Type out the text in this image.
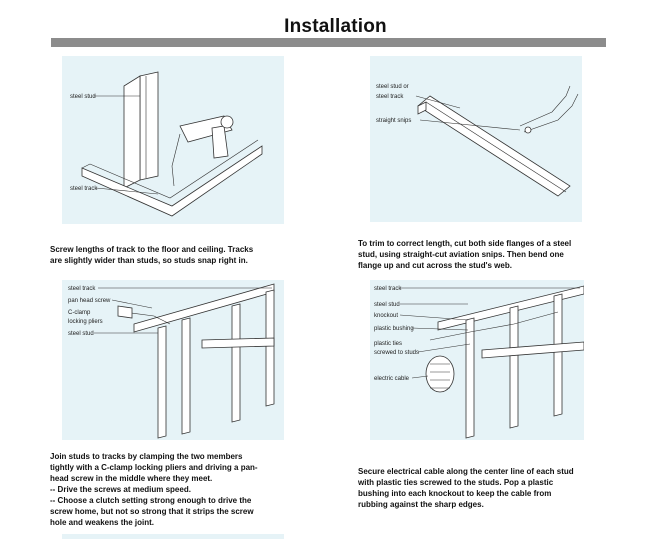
Installation
steel stud
steel track
steel stud or
steel track
straight snips
steel track
pan head screw
C-clamp
locking pliers
steel stud
steel track
steel stud
knockout
plastic bushing
plastic ties
screwed to studs
electric cable
Screw lengths of track to the floor and ceiling. Tracks
are slightly wider than studs, so studs snap right in.
To trim to correct length, cut both side flanges of a steel
stud, using straight-cut aviation snips. Then bend one
flange up and cut across the stud's web.
Join studs to tracks by clamping the two members
tightly with a C-clamp locking pliers and driving a pan-
head screw in the middle where they meet.
-- Drive the screws at medium speed.
-- Choose a clutch setting strong enough to drive the
screw home, but not so strong that it strips the screw
hole and weakens the joint.
Secure electrical cable along the center line of each stud
with plastic ties screwed to the studs. Pop a plastic
bushing into each knockout to keep the cable from
rubbing against the sharp edges.
